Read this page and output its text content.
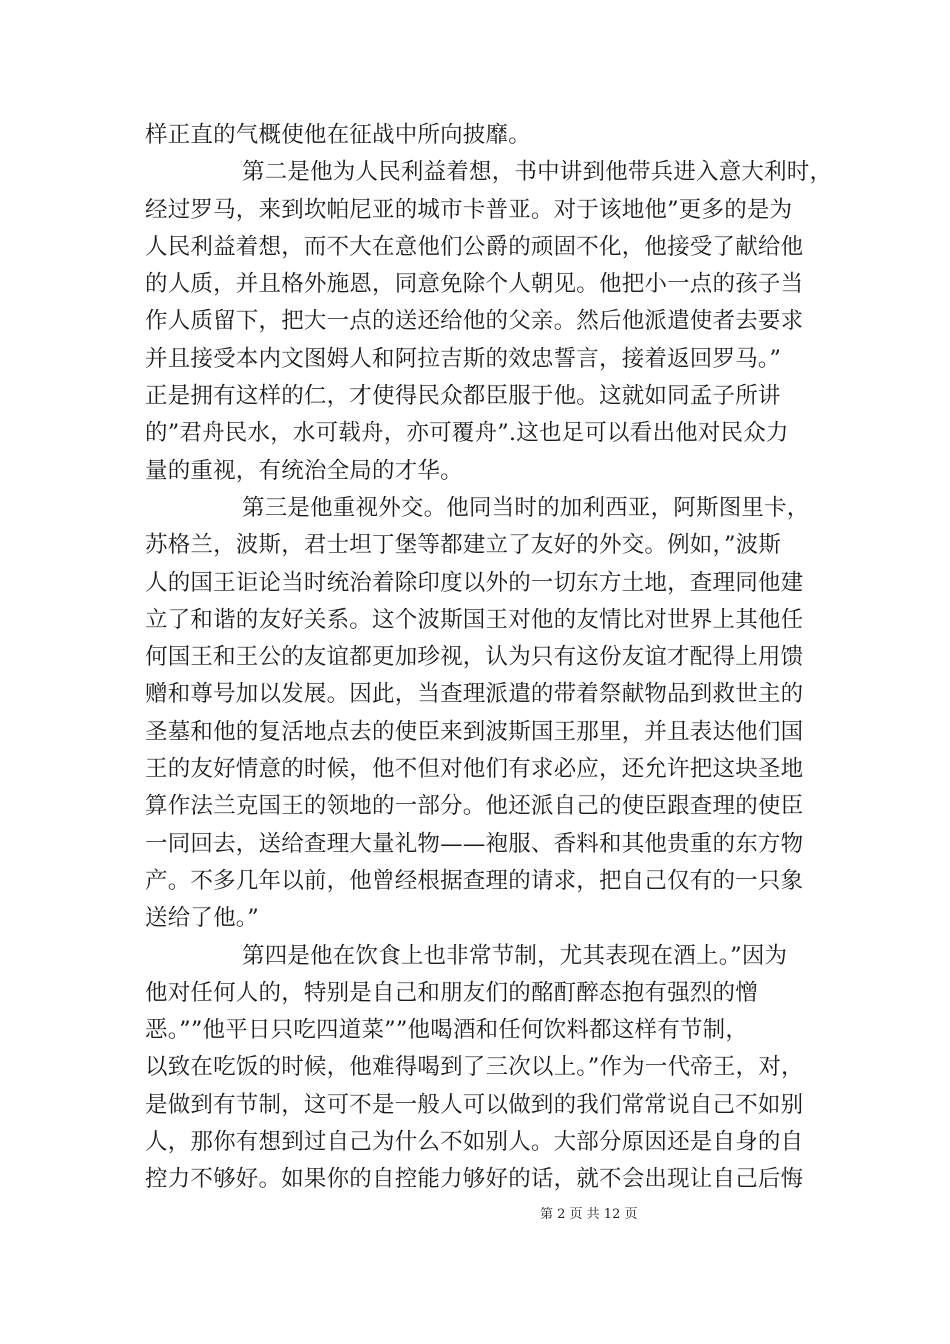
样正直的气概使他在征战中所向披靡。
第二是他为人民利益着想，书中讲到他带兵进入意大利时，
经过罗马，来到坎帕尼亚的城市卡普亚。对于该地他”更多的是为
人民利益着想，而不大在意他们公爵的顽固不化，他接受了献给他
的人质，并且格外施恩，同意免除个人朝见。他把小一点的孩子当
作人质留下，把大一点的送还给他的父亲。然后他派遣使者去要求
并且接受本内文图姆人和阿拉吉斯的效忠誓言，接着返回罗马。”
正是拥有这样的仁，才使得民众都臣服于他。这就如同孟子所讲
的”君舟民水，水可载舟，亦可覆舟”.这也足可以看出他对民众力
量的重视，有统治全局的才华。
第三是他重视外交。他同当时的加利西亚，阿斯图里卡，
苏格兰，波斯，君士坦丁堡等都建立了友好的外交。例如，”波斯
人的国王讵论当时统治着除印度以外的一切东方土地，查理同他建
立了和谐的友好关系。这个波斯国王对他的友情比对世界上其他任
何国王和王公的友谊都更加珍视，认为只有这份友谊才配得上用馈
赠和尊号加以发展。因此，当查理派遣的带着祭献物品到救世主的
圣墓和他的复活地点去的使臣来到波斯国王那里，并且表达他们国
王的友好情意的时候，他不但对他们有求必应，还允许把这块圣地
算作法兰克国王的领地的一部分。他还派自己的使臣跟查理的使臣
一同回去，送给查理大量礼物——袍服、香料和其他贵重的东方物
产。不多几年以前，他曾经根据查理的请求，把自己仅有的一只象
送给了他。”
第四是他在饮食上也非常节制，尤其表现在酒上。”因为
他对任何人的，特别是自己和朋友们的酩酊醉态抱有强烈的憎
恶。””他平日只吃四道菜””他喝酒和任何饮料都这样有节制，
以致在吃饭的时候，他难得喝到了三次以上。”作为一代帝王，对，
是做到有节制，这可不是一般人可以做到的我们常常说自己不如别
人，那你有想到过自己为什么不如别人。大部分原因还是自身的自
控力不够好。如果你的自控能力够好的话，就不会出现让自己后悔
第 2 页 共 12 页
